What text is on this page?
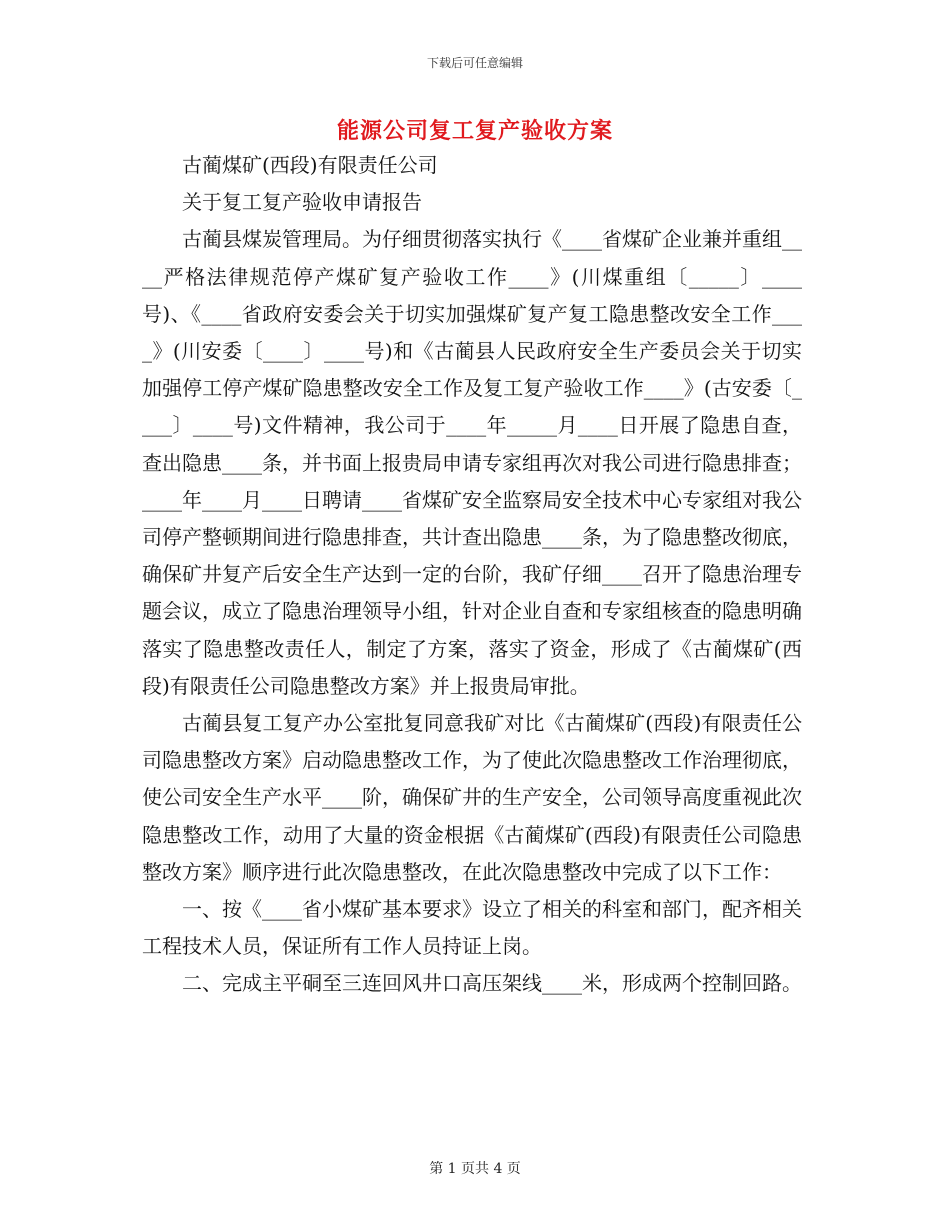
下载后可任意编辑
能源公司复工复产验收方案

古蔺煤矿(西段)有限责任公司

关于复工复产验收申请报告

古蔺县煤炭管理局。为仔细贯彻落实执行《____省煤矿企业兼并重组____严格法律规范停产煤矿复产验收工作____》(川煤重组〔_____〕____号)、《____省政府安委会关于切实加强煤矿复产复工隐患整改安全工作____》(川安委〔____〕____号)和《古蔺县人民政府安全生产委员会关于切实加强停工停产煤矿隐患整改安全工作及复工复产验收工作____》(古安委〔____〕____号)文件精神，我公司于____年_____月____日开展了隐患自查，查出隐患____条，并书面上报贵局申请专家组再次对我公司进行隐患排查；____年____月____日聘请____省煤矿安全监察局安全技术中心专家组对我公司停产整顿期间进行隐患排查，共计查出隐患____条，为了隐患整改彻底，确保矿井复产后安全生产达到一定的台阶，我矿仔细____召开了隐患治理专题会议，成立了隐患治理领导小组，针对企业自查和专家组核查的隐患明确落实了隐患整改责任人，制定了方案，落实了资金，形成了《古蔺煤矿(西段)有限责任公司隐患整改方案》并上报贵局审批。

古蔺县复工复产办公室批复同意我矿对比《古蔺煤矿(西段)有限责任公司隐患整改方案》启动隐患整改工作，为了使此次隐患整改工作治理彻底，使公司安全生产水平____阶，确保矿井的生产安全，公司领导高度重视此次隐患整改工作，动用了大量的资金根据《古蔺煤矿(西段)有限责任公司隐患整改方案》顺序进行此次隐患整改，在此次隐患整改中完成了以下工作：

一、按《____省小煤矿基本要求》设立了相关的科室和部门，配齐相关工程技术人员，保证所有工作人员持证上岗。

二、完成主平硐至三连回风井口高压架线____米，形成两个控制回路。

第 1 页共 4 页
